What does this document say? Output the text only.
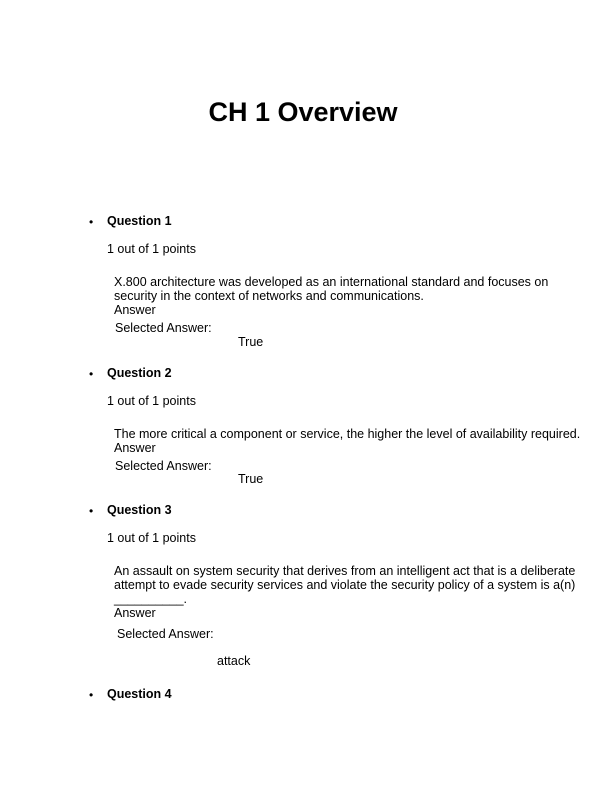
CH 1 Overview
• Question 1
1 out of 1 points
X.800 architecture was developed as an international standard and focuses on
security in the context of networks and communications.
Answer
Selected Answer:
True
• Question 2
1 out of 1 points
The more critical a component or service, the higher the level of availability required.
Answer
Selected Answer:
True
• Question 3
1 out of 1 points
An assault on system security that derives from an intelligent act that is a deliberate
attempt to evade security services and violate the security policy of a system is a(n)
__________.
Answer
Selected Answer:
attack
• Question 4
